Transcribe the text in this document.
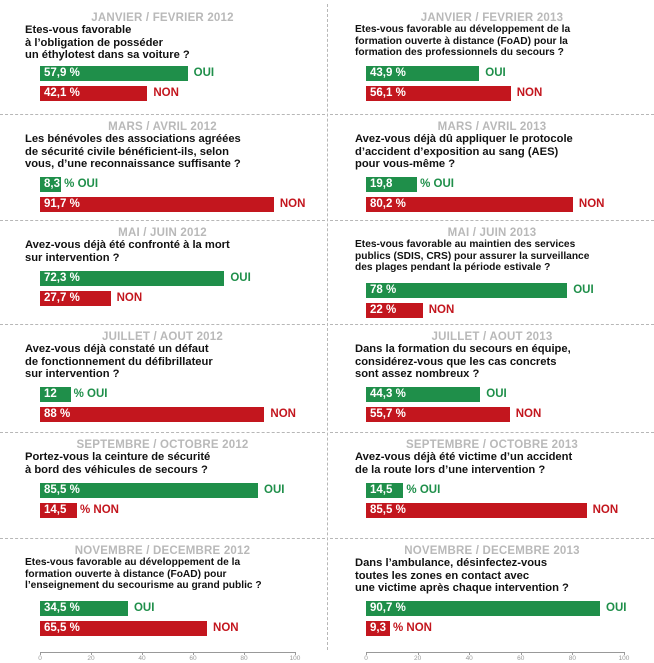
JANVIER / FEVRIER 2012
Etes-vous favorable
à l’obligation de posséder
un éthylotest dans sa voiture ?
57,9 %	OUI
42,1 %	NON
MARS / AVRIL 2012
Les bénévoles des associations agréées
de sécurité civile bénéficient-ils, selon
vous, d’une reconnaissance suffisante ?
8,3 % OUI
91,7 %	NON
MAI / JUIN 2012
Avez-vous déjà été confronté à la mort
sur intervention ?
72,3 %	OUI
27,7 %	NON
JUILLET / AOUT 2012
Avez-vous déjà constaté un défaut
de fonctionnement du défibrillateur
sur intervention ?
12 % OUI
88 %	NON
SEPTEMBRE / OCTOBRE 2012
Portez-vous la ceinture de sécurité
à bord des véhicules de secours ?
85,5 %	OUI
14,5 % NON
NOVEMBRE / DECEMBRE 2012
Etes-vous favorable au développement de la
formation ouverte à distance (FoAD) pour
l’enseignement du secourisme au grand public ?
34,5 %	OUI
65,5 %	NON
JANVIER / FEVRIER 2013
Etes-vous favorable au développement de la
formation ouverte à distance (FoAD) pour la
formation des professionnels du secours ?
43,9 %	OUI
56,1 %	NON
MARS / AVRIL 2013
Avez-vous déjà dû appliquer le protocole
d’accident d’exposition au sang (AES)
pour vous-même ?
19,8 % OUI
80,2 %	NON
MAI / JUIN 2013
Etes-vous favorable au maintien des services
publics (SDIS, CRS) pour assurer la surveillance
des plages pendant la période estivale ?
78 %	OUI
22 %	NON
JUILLET / AOUT 2013
Dans la formation du secours en équipe,
considérez-vous que les cas concrets
sont assez nombreux ?
44,3 %	OUI
55,7 %	NON
SEPTEMBRE / OCTOBRE 2013
Avez-vous déjà été victime d’un accident
de la route lors d’une intervention ?
14,5 % OUI
85,5 %	NON
NOVEMBRE / DECEMBRE 2013
Dans l’ambulance, désinfectez-vous
toutes les zones en contact avec
une victime après chaque intervention ?
90,7 %	OUI
9,3 % NON
0	20	40	60	80	100	0	20	40	60	80	100
